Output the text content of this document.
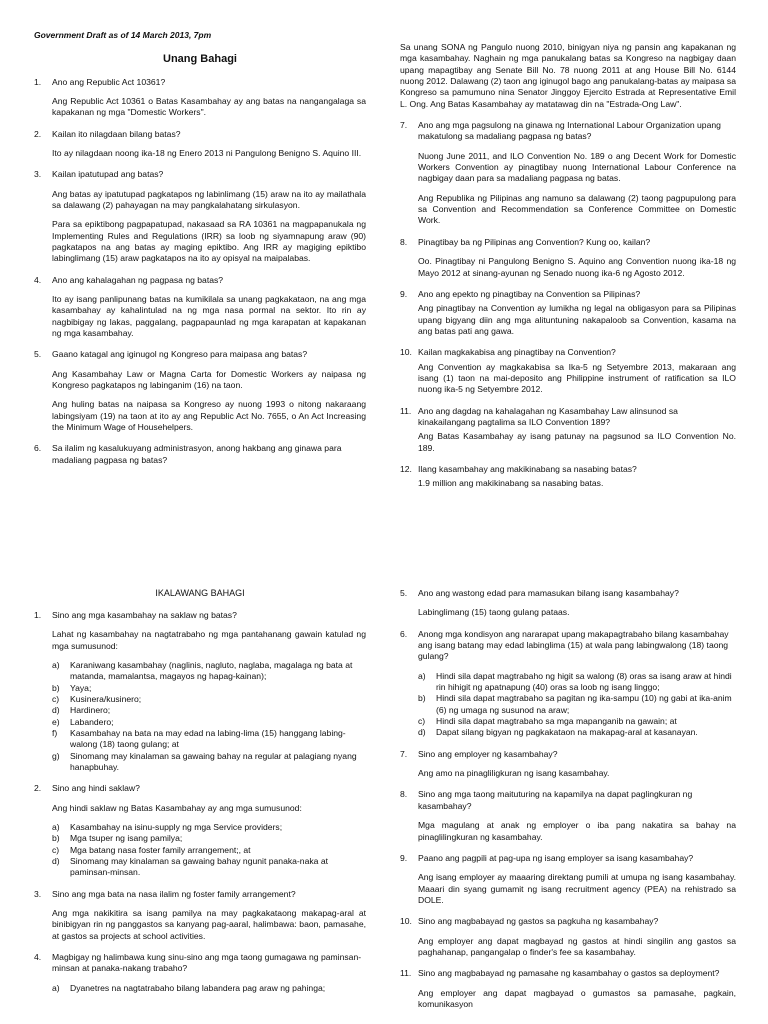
Government Draft as of 14 March 2013, 7pm
Unang Bahagi
1.	Ano ang Republic Act 10361?
Ang Republic Act 10361 o Batas Kasambahay ay ang batas na nangangalaga sa kapakanan ng mga "Domestic Workers".
2.	Kailan ito nilagdaan bilang batas?
Ito ay nilagdaan noong ika-18 ng Enero 2013 ni Pangulong Benigno S. Aquino III.
3.	Kailan ipatutupad ang batas?
Ang batas ay ipatutupad pagkatapos ng labinlimang (15) araw na ito ay mailathala sa dalawang (2) pahayagan na may pangkalahatang sirkulasyon.
Para sa epiktibong pagpapatupad, nakasaad sa RA 10361 na magpapanukala ng Implementing Rules and Regulations (IRR) sa loob ng siyamnapung araw (90) pagkatapos na ang batas ay maging epiktibo. Ang IRR ay magiging epiktibo labinglimang (15) araw pagkatapos na ito ay opisyal na maipalabas.
4.	Ano ang kahalagahan ng pagpasa ng batas?
Ito ay isang panlipunang batas na kumikilala sa unang pagkakataon, na ang mga kasambahay ay kahalintulad na ng mga nasa pormal na sektor. Ito rin ay nagbibigay ng lakas, paggalang, pagpapaunlad ng mga karapatan at kapakanan ng mga kasambahay.
5.	Gaano katagal ang iginugol ng Kongreso para maipasa ang batas?
Ang Kasambahay Law or Magna Carta for Domestic Workers ay naipasa ng Kongreso pagkatapos ng labinganim (16) na taon.
Ang huling batas na naipasa sa Kongreso ay nuong 1993 o nitong nakaraang labingsiyam (19) na taon at ito ay ang Republic Act No. 7655, o An Act Increasing the Minimum Wage of Househelpers.
6.	Sa ilalim ng kasalukuyang administrasyon, anong hakbang ang ginawa para madaliang pagpasa ng batas?
Sa unang SONA ng Pangulo nuong 2010, binigyan niya ng pansin ang kapakanan ng mga kasambahay. Naghain ng mga panukalang batas sa Kongreso na nagbigay daan upang mapagtibay ang Senate Bill No. 78 nuong 2011 at ang House Bill No. 6144 nuong 2012. Dalawang (2) taon ang iginugol bago ang panukalang-batas ay maipasa sa Kongreso sa pamumuno nina Senator Jinggoy Ejercito Estrada at Representative Emil L. Ong. Ang Batas Kasambahay ay matatawag din na "Estrada-Ong Law".
7.	Ano ang mga pagsulong na ginawa ng International Labour Organization upang makatulong sa madaliang pagpasa ng batas?
Nuong June 2011, and ILO Convention No. 189 o ang Decent Work for Domestic Workers Convention ay pinagtibay nuong International Labour Conference na nagbigay daan para sa madaliang pagpasa ng batas.
Ang Republika ng Pilipinas ang namuno sa dalawang (2) taong pagpupulong para sa Convention and Recommendation sa Conference Committee on Domestic Work.
8.	Pinagtibay ba ng Pilipinas ang Convention? Kung oo, kailan?
Oo. Pinagtibay ni Pangulong Benigno S. Aquino ang Convention nuong ika-18 ng Mayo 2012 at sinang-ayunan ng Senado nuong ika-6 ng Agosto 2012.
9.	Ano ang epekto ng pinagtibay na Convention sa Pilipinas?
Ang pinagtibay na Convention ay lumikha ng legal na obligasyon para sa Pilipinas upang bigyang diin ang mga alituntuning nakapaloob sa Convention, kasama na ang batas pati ang gawa.
10. Kailan magkakabisa ang pinagtibay na Convention?
Ang Convention ay magkakabisa sa Ika-5 ng Setyembre 2013, makaraan ang isang (1) taon na mai-deposito ang Philippine instrument of ratification sa ILO nuong ika-5 ng Setyembre 2012.
11. Ano ang dagdag na kahalagahan ng Kasambahay Law alinsunod sa kinakailangang pagtalima sa ILO Convention 189?
Ang Batas Kasambahay ay isang patunay na pagsunod sa ILO Convention No. 189.
12. Ilang kasambahay ang makikinabang sa nasabing batas?
1.9 million ang makikinabang sa nasabing batas.
IKALAWANG BAHAGI
1.	Sino ang mga kasambahay na saklaw ng batas?
Lahat ng kasambahay na nagtatrabaho ng mga pantahanang gawain katulad ng mga sumusunod:
a)	Karaniwang kasambahay (naglinis, nagluto, naglaba, magalaga ng bata at matanda, mamalantsa, magayos ng hapag-kainan);
b)	Yaya;
c)	Kusinera/kusinero;
d)	Hardinero;
e)	Labandero;
f)	Kasambahay na bata na may edad na labing-lima (15) hanggang labing-walong (18) taong gulang; at
g)	Sinomang may kinalaman sa gawaing bahay na regular at palagiang nyang hanapbuhay.
2.	Sino ang hindi saklaw?
Ang hindi saklaw ng Batas Kasambahay ay ang mga sumusunod:
a)	Kasambahay na isinu-supply ng mga Service providers;
b)	Mga tsuper ng isang pamilya;
c)	Mga batang nasa foster family arrangement;, at
d)	Sinomang may kinalaman sa gawaing bahay ngunit panaka-naka at paminsan-minsan.
3.	Sino ang mga bata na nasa ilalim ng foster family arrangement?
Ang mga nakikitira sa isang pamilya na may pagkakataong makapag-aral at binibigyan rin ng panggastos sa kanyang pag-aaral, halimbawa: baon, pamasahe, at gastos sa projects at school activities.
4.	Magbigay ng halimbawa kung sinu-sino ang mga taong gumagawa ng paminsan-minsan at panaka-nakang trabaho?
a)	Dyanetres na nagtatrabaho bilang labandera pag araw ng pahinga;
5.	Ano ang wastong edad para mamasukan bilang isang kasambahay?
Labinglimang (15) taong gulang pataas.
6.	Anong mga kondisyon ang nararapat upang makapagtrabaho bilang kasambahay ang isang batang may edad labinglima (15) at wala pang labingwalong (18) taong gulang?
a)	Hindi sila dapat magtrabaho ng higit sa walong (8) oras sa isang araw at hindi rin hihigit ng apatnapung (40) oras sa loob ng isang linggo;
b)	Hindi sila dapat magtrabaho sa pagitan ng ika-sampu (10) ng gabi at ika-anim (6) ng umaga ng susunod na araw;
c)	Hindi sila dapat magtrabaho sa mga mapanganib na gawain; at
d)	Dapat silang bigyan ng pagkakataon na makapag-aral at kasanayan.
7.	Sino ang employer ng kasambahay?
Ang amo na pinagliligkuran ng isang kasambahay.
8.	Sino ang mga taong maituturing na kapamilya na dapat paglingkuran ng kasambahay?
Mga magulang at anak ng employer o iba pang nakatira sa bahay na pinaglilingkuran ng kasambahay.
9.	Paano ang pagpili at pag-upa ng isang employer sa isang kasambahay?
Ang isang employer ay maaaring direktang pumili at umupa ng isang kasambahay. Maaari din syang gumamit ng isang recruitment agency (PEA) na rehistrado sa DOLE.
10. Sino ang magbabayad ng gastos sa pagkuha ng kasambahay?
Ang employer ang dapat magbayad ng gastos at hindi singilin ang gastos sa paghahanap, pangangalap o finder's fee sa kasambahay.
11. Sino ang magbabayad ng pamasahe ng kasambahay o gastos sa deployment?
Ang employer ang dapat magbayad o gumastos sa pamasahe, pagkain, komunikasyon
